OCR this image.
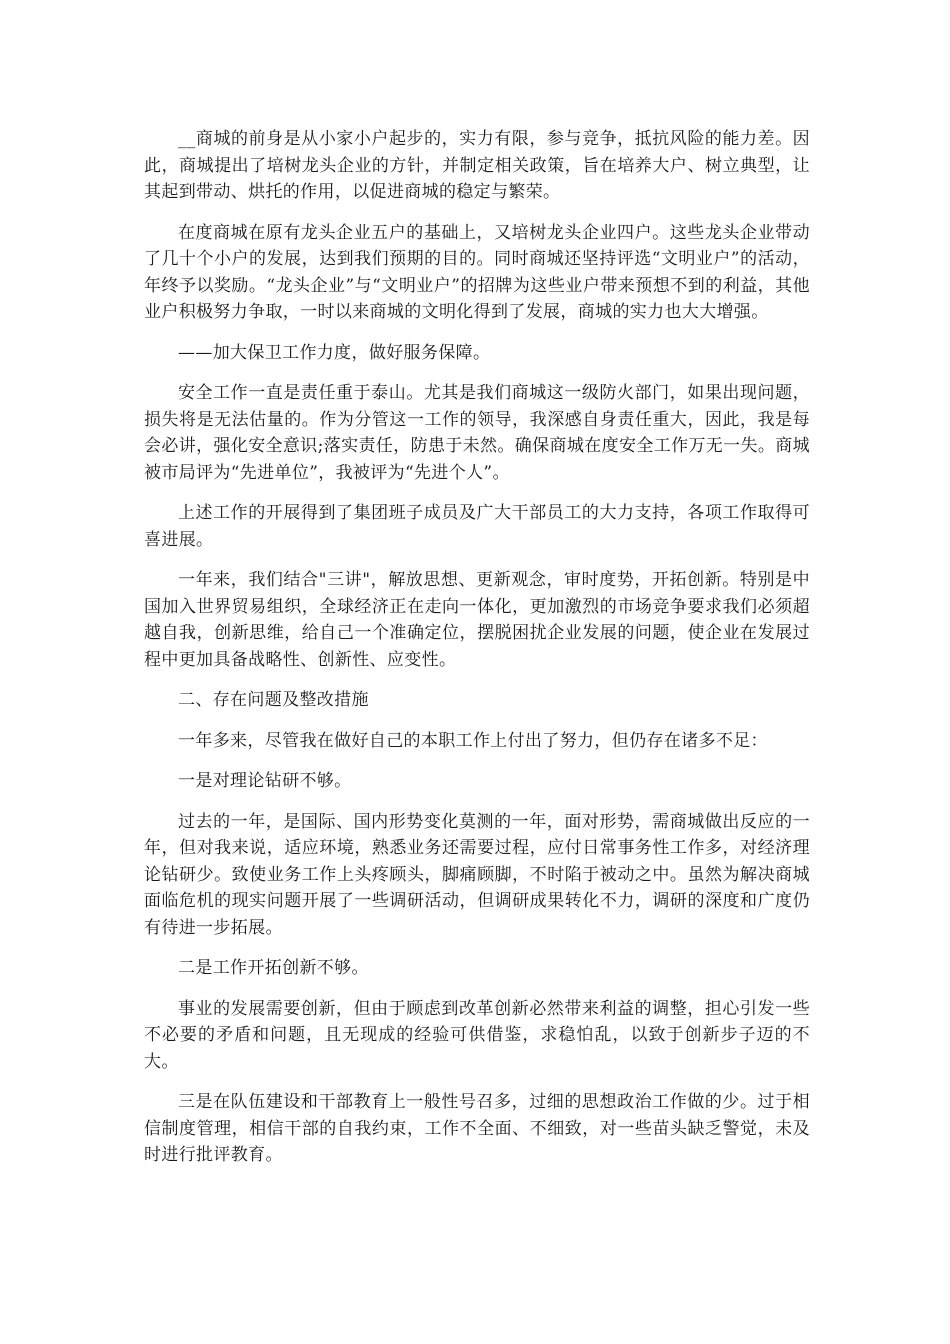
__商城的前身是从小家小户起步的，实力有限，参与竞争，抵抗风险的能力差。因此，商城提出了培树龙头企业的方针，并制定相关政策，旨在培养大户、树立典型，让其起到带动、烘托的作用，以促进商城的稳定与繁荣。

在度商城在原有龙头企业五户的基础上，又培树龙头企业四户。这些龙头企业带动了几十个小户的发展，达到我们预期的目的。同时商城还坚持评选“文明业户”的活动，年终予以奖励。“龙头企业”与“文明业户”的招牌为这些业户带来预想不到的利益，其他业户积极努力争取，一时以来商城的文明化得到了发展，商城的实力也大大增强。

——加大保卫工作力度，做好服务保障。

安全工作一直是责任重于泰山。尤其是我们商城这一级防火部门，如果出现问题，损失将是无法估量的。作为分管这一工作的领导，我深感自身责任重大，因此，我是每会必讲，强化安全意识;落实责任，防患于未然。确保商城在度安全工作万无一失。商城被市局评为“先进单位”，我被评为“先进个人”。

上述工作的开展得到了集团班子成员及广大干部员工的大力支持，各项工作取得可喜进展。

一年来，我们结合"三讲"，解放思想、更新观念，审时度势，开拓创新。特别是中国加入世界贸易组织，全球经济正在走向一体化，更加激烈的市场竞争要求我们必须超越自我，创新思维，给自己一个准确定位，摆脱困扰企业发展的问题，使企业在发展过程中更加具备战略性、创新性、应变性。

二、存在问题及整改措施

一年多来，尽管我在做好自己的本职工作上付出了努力，但仍存在诸多不足：

一是对理论钻研不够。

过去的一年，是国际、国内形势变化莫测的一年，面对形势，需商城做出反应的一年，但对我来说，适应环境，熟悉业务还需要过程，应付日常事务性工作多，对经济理论钻研少。致使业务工作上头疼顾头，脚痛顾脚，不时陷于被动之中。虽然为解决商城面临危机的现实问题开展了一些调研活动，但调研成果转化不力，调研的深度和广度仍有待进一步拓展。

二是工作开拓创新不够。

事业的发展需要创新，但由于顾虑到改革创新必然带来利益的调整，担心引发一些不必要的矛盾和问题，且无现成的经验可供借鉴，求稳怕乱，以致于创新步子迈的不大。

三是在队伍建设和干部教育上一般性号召多，过细的思想政治工作做的少。过于相信制度管理，相信干部的自我约束，工作不全面、不细致，对一些苗头缺乏警觉，未及时进行批评教育。
